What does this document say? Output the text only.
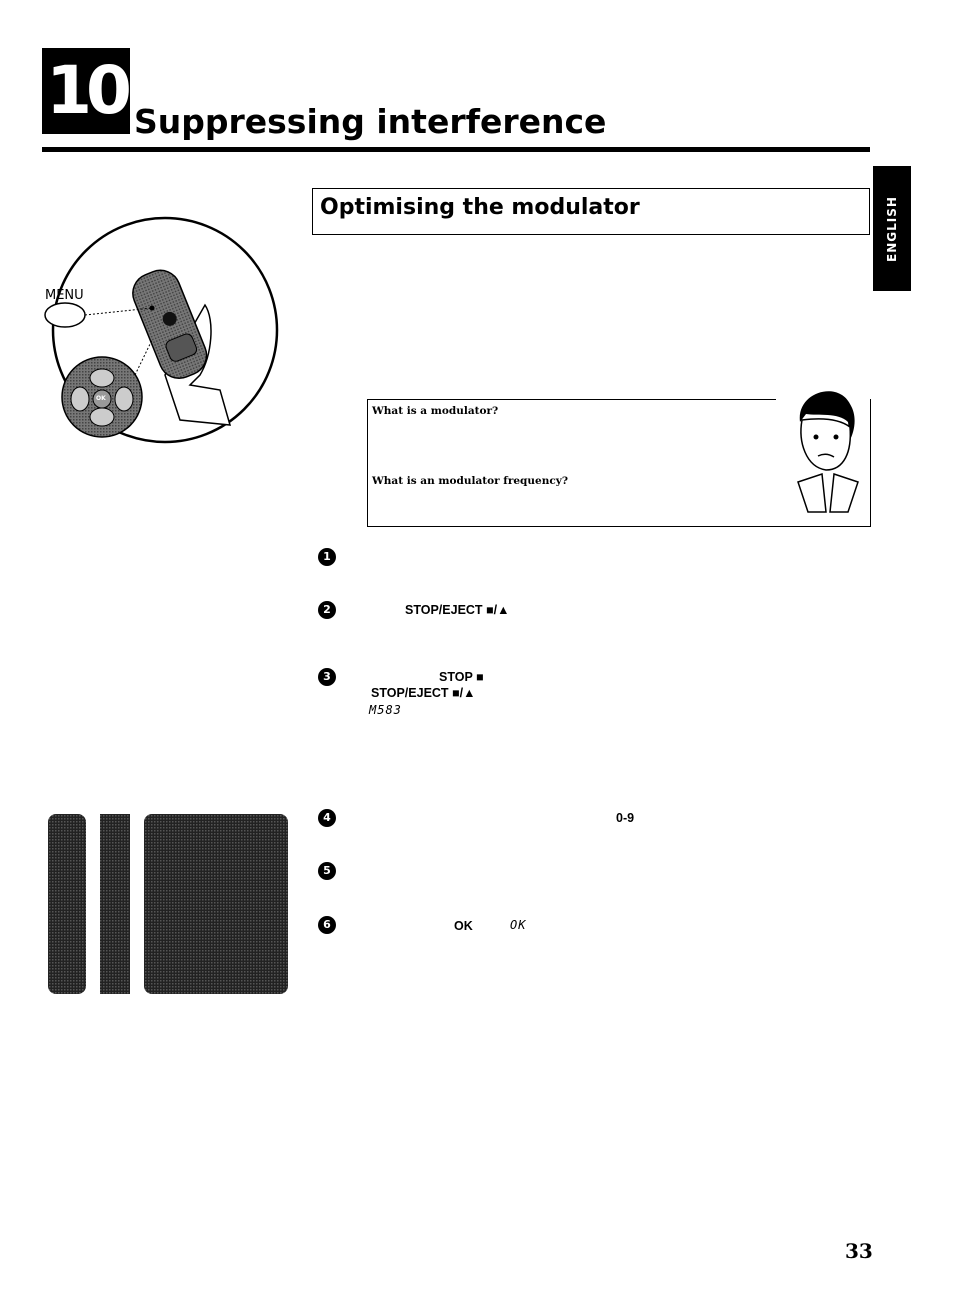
10 Suppressing interference
ENGLISH
Optimising the modulator
MENU
OK
What is a modulator?
What is an modulator frequency?
1
2	STOP/EJECT ■/▲
3	STOP ■
STOP/EJECT ■/▲
M583
4	0-9
5
6	OK	OK
33
